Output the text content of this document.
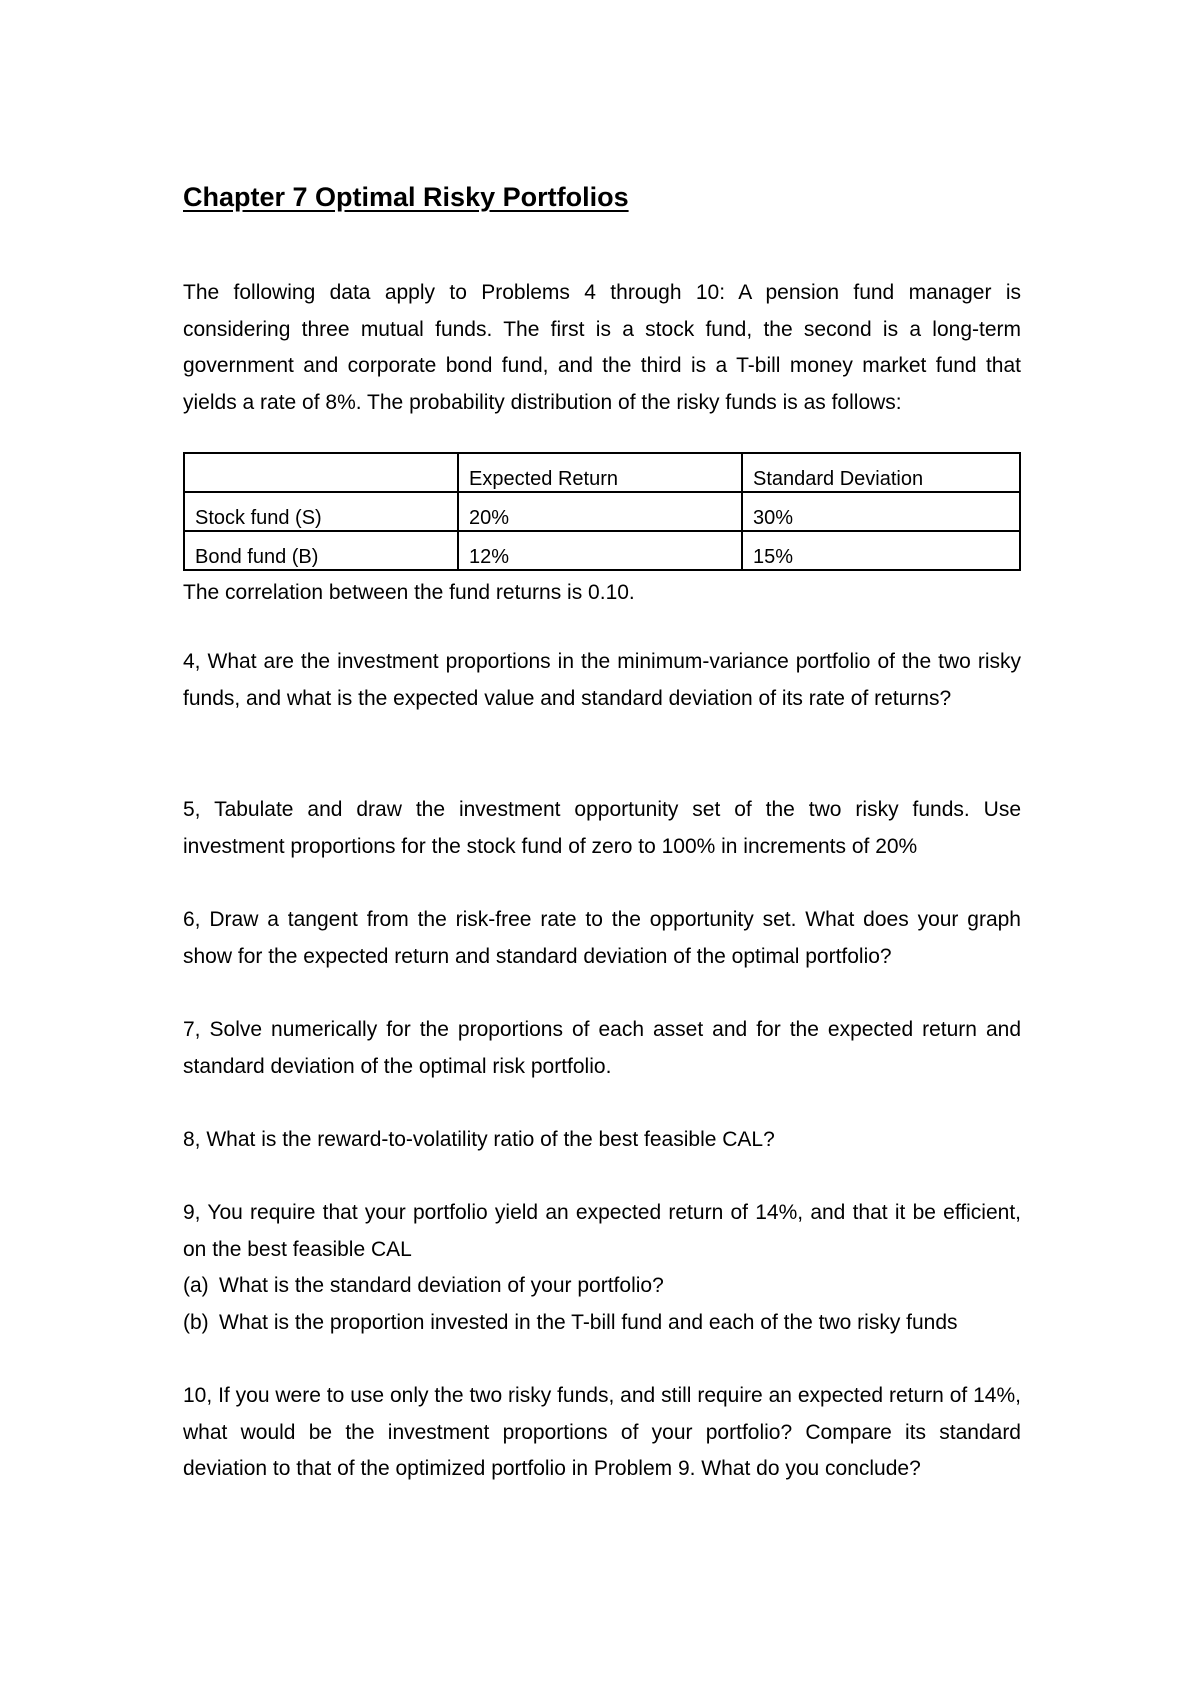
Chapter 7 Optimal Risky Portfolios

The following data apply to Problems 4 through 10: A pension fund manager is considering three mutual funds. The first is a stock fund, the second is a long-term government and corporate bond fund, and the third is a T-bill money market fund that yields a rate of 8%. The probability distribution of the risky funds is as follows:

	Expected Return	Standard Deviation
Stock fund (S)	20%	30%
Bond fund (B)	12%	15%

The correlation between the fund returns is 0.10.

4, What are the investment proportions in the minimum-variance portfolio of the two risky funds, and what is the expected value and standard deviation of its rate of returns?

5, Tabulate and draw the investment opportunity set of the two risky funds. Use investment proportions for the stock fund of zero to 100% in increments of 20%

6, Draw a tangent from the risk-free rate to the opportunity set. What does your graph show for the expected return and standard deviation of the optimal portfolio?

7, Solve numerically for the proportions of each asset and for the expected return and standard deviation of the optimal risk portfolio.

8, What is the reward-to-volatility ratio of the best feasible CAL?

9, You require that your portfolio yield an expected return of 14%, and that it be efficient, on the best feasible CAL

(a) What is the standard deviation of your portfolio?

(b) What is the proportion invested in the T-bill fund and each of the two risky funds

10, If you were to use only the two risky funds, and still require an expected return of 14%, what would be the investment proportions of your portfolio? Compare its standard deviation to that of the optimized portfolio in Problem 9. What do you conclude?
